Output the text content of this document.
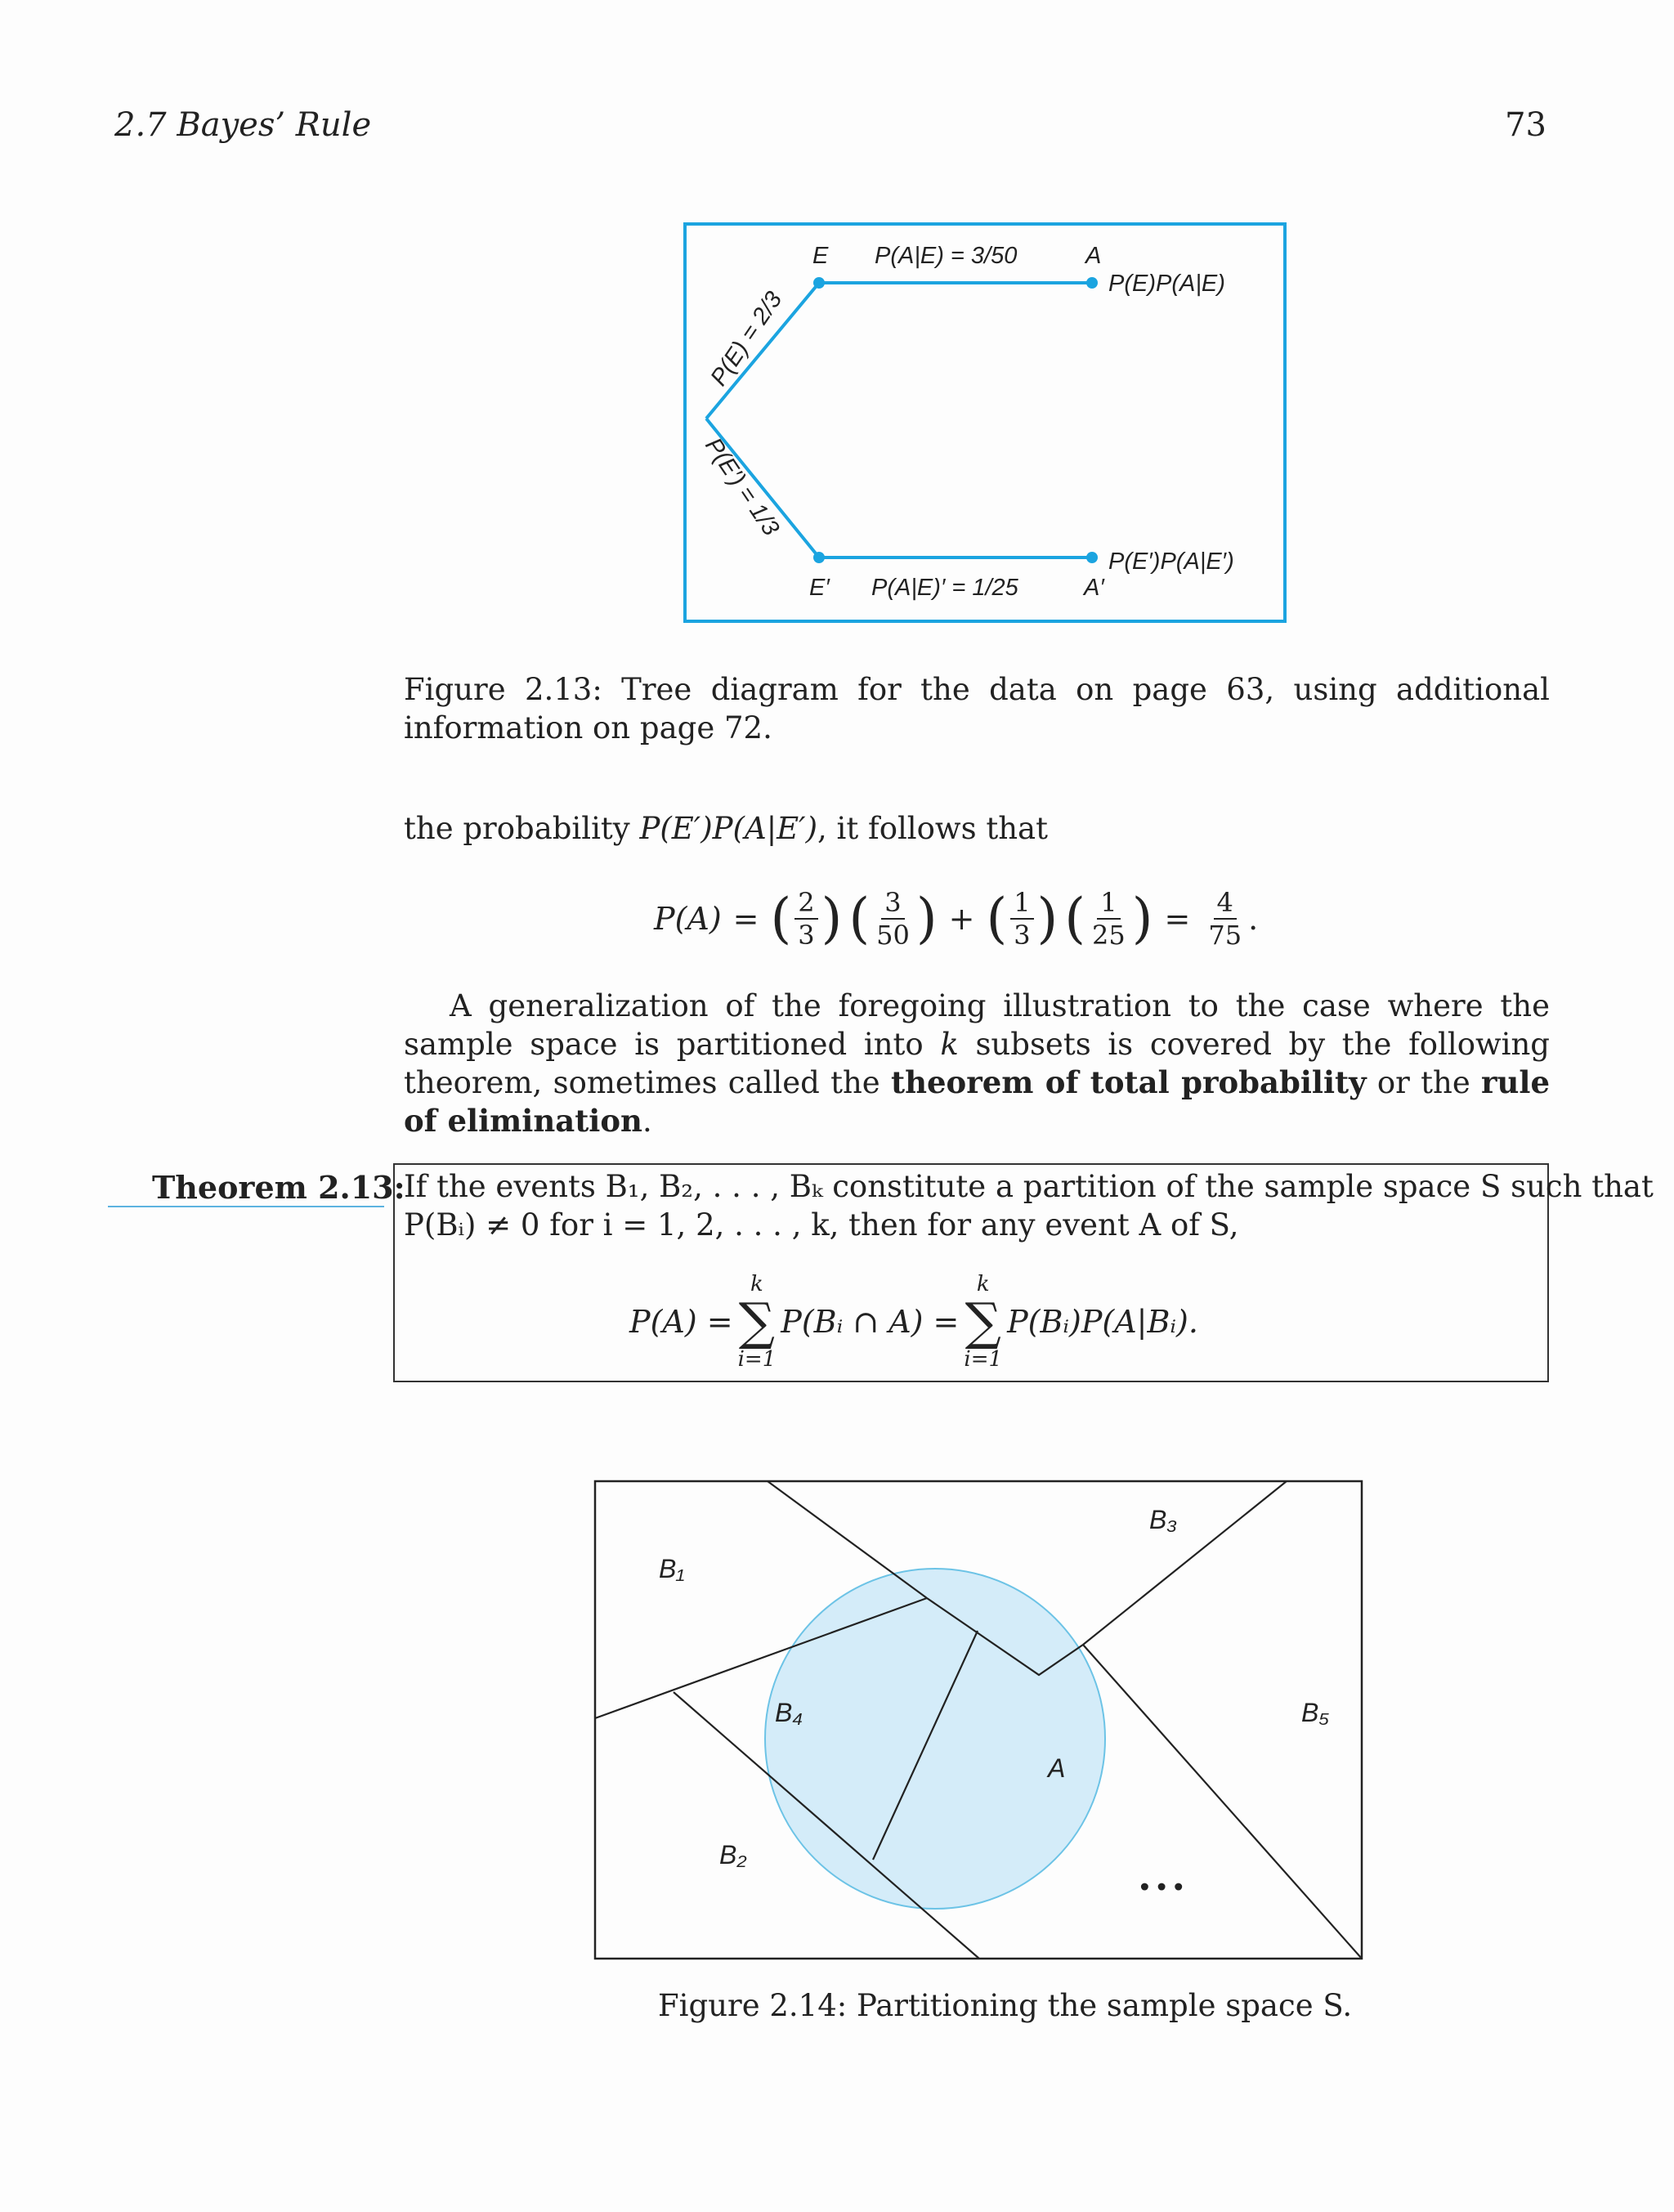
2.7 Bayes’ Rule	73
E P(A|E) = 3/50	A
P(E)P(A|E)
E′ P(A|E)′ = 1/25	A′
P(E′)P(A|E′)
P(E) = 2/3
P(E′) = 1/3
Figure 2.13: Tree diagram for the data on page 63, using additional information on page 72.
the probability P(E′)P(A|E′), it follows that
P(A) = ( $\frac{2}{3}$ ) ( $\frac{3}{50}$ ) + ( $\frac{1}{3}$ ) ( $\frac{1}{25}$ ) = $\frac{4}{75}$ .
A generalization of the foregoing illustration to the case where the sample space is partitioned into k subsets is covered by the following theorem, sometimes called the theorem of total probability or the rule of elimination.
Theorem 2.13:
If the events B₁, B₂, . . . , Bₖ constitute a partition of the sample space S such that
P(Bᵢ) ≠ 0 for i = 1, 2, . . . , k, then for any event A of S,
P(A) =
k
∑
i=1
P(Bᵢ ∩ A) =
k
∑
i=1
P(Bᵢ)P(A|Bᵢ).
B₁
B₂
B₃
B₄	B₅
A
...
Figure 2.14: Partitioning the sample space S.
